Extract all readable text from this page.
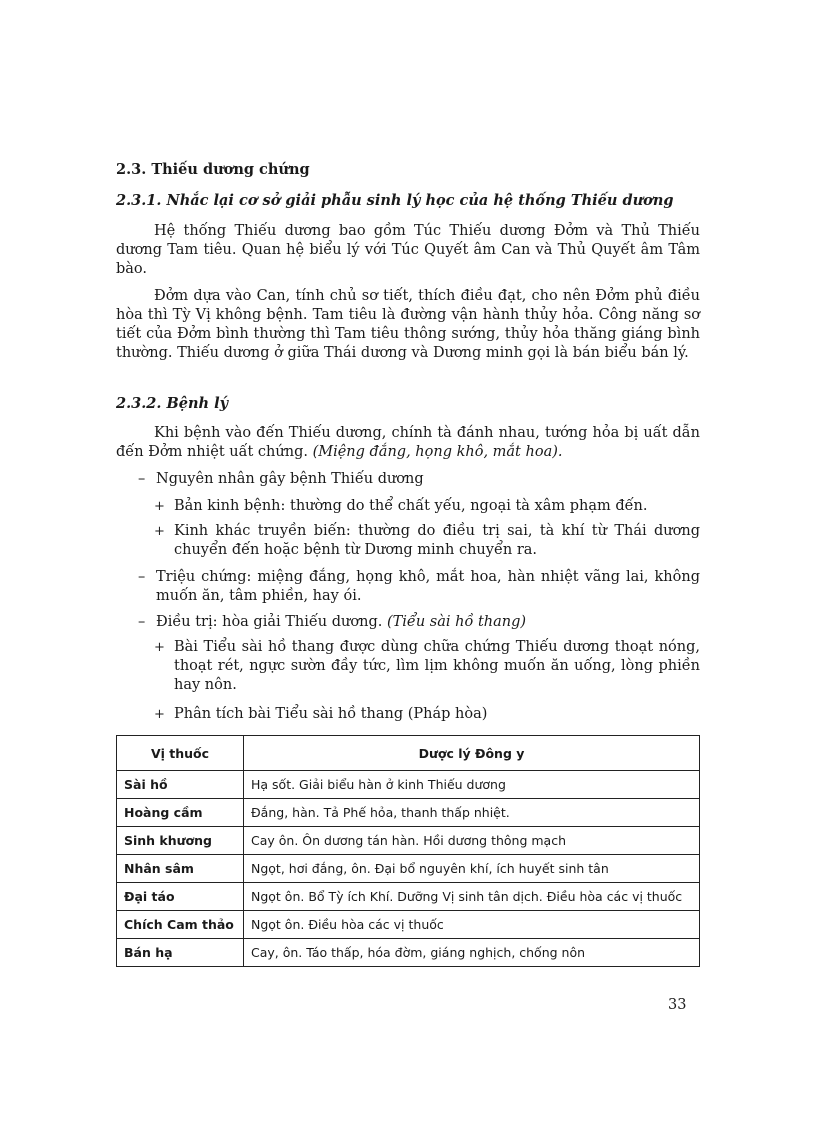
2.3. Thiếu dương chứng
2.3.1. Nhắc lại cơ sở giải phẫu sinh lý học của hệ thống Thiếu dương

Hệ thống Thiếu dương bao gồm Túc Thiếu dương Đởm và Thủ Thiếu dương Tam tiêu. Quan hệ biểu lý với Túc Quyết âm Can và Thủ Quyết âm Tâm bào.

Đởm dựa vào Can, tính chủ sơ tiết, thích điều đạt, cho nên Đởm phủ điều hòa thì Tỳ Vị không bệnh. Tam tiêu là đường vận hành thủy hỏa. Công năng sơ tiết của Đởm bình thường thì Tam tiêu thông sướng, thủy hỏa thăng giáng bình thường. Thiếu dương ở giữa Thái dương và Dương minh gọi là bán biểu bán lý.

2.3.2. Bệnh lý

Khi bệnh vào đến Thiếu dương, chính tà đánh nhau, tướng hỏa bị uất dẫn đến Đởm nhiệt uất chứng. (Miệng đắng, họng khô, mắt hoa).

– Nguyên nhân gây bệnh Thiếu dương
+ Bản kinh bệnh: thường do thể chất yếu, ngoại tà xâm phạm đến.
+ Kinh khác truyền biến: thường do điều trị sai, tà khí từ Thái dương chuyển đến hoặc bệnh từ Dương minh chuyển ra.
– Triệu chứng: miệng đắng, họng khô, mắt hoa, hàn nhiệt vãng lai, không muốn ăn, tâm phiền, hay ói.
– Điều trị: hòa giải Thiếu dương. (Tiểu sài hồ thang)
+ Bài Tiểu sài hồ thang được dùng chữa chứng Thiếu dương thoạt nóng, thoạt rét, ngực sườn đầy tức, lìm lịm không muốn ăn uống, lòng phiền hay nôn.
+ Phân tích bài Tiểu sài hồ thang (Pháp hòa)
Vị thuốc	Dược lý Đông y
Sài hồ	Hạ sốt. Giải biểu hàn ở kinh Thiếu dương
Hoàng cầm	Đắng, hàn. Tả Phế hỏa, thanh thấp nhiệt.
Sinh khương	Cay ôn. Ôn dương tán hàn. Hồi dương thông mạch
Nhân sâm	Ngọt, hơi đắng, ôn. Đại bổ nguyên khí, ích huyết sinh tân
Đại táo	Ngọt ôn. Bổ Tỳ ích Khí. Dưỡng Vị sinh tân dịch. Điều hòa các vị thuốc
Chích Cam thảo	Ngọt ôn. Điều hòa các vị thuốc
Bán hạ	Cay, ôn. Táo thấp, hóa đờm, giáng nghịch, chống nôn
33
